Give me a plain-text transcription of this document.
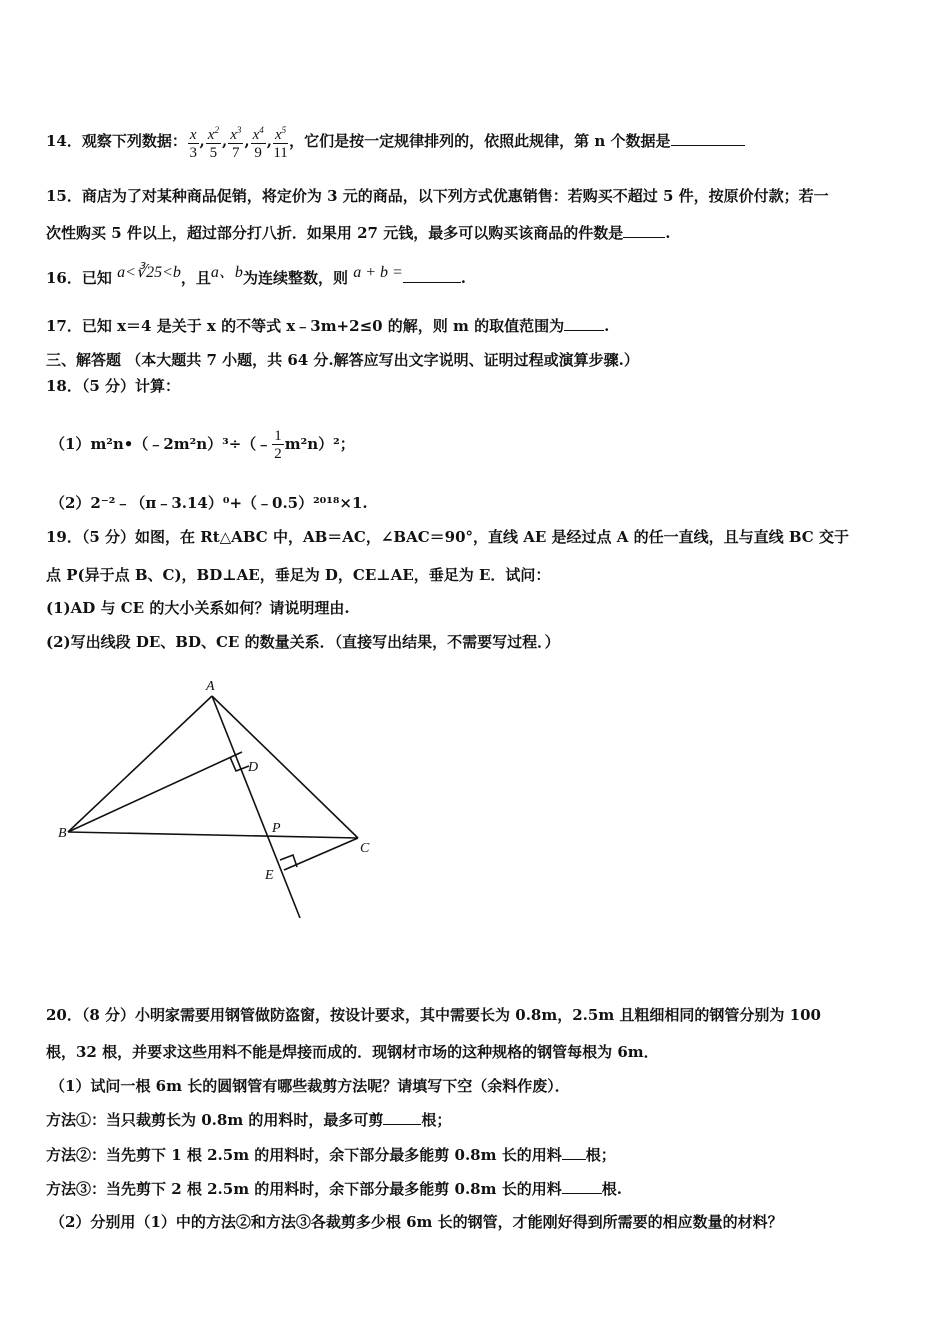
14．观察下列数据： $\frac{x}{3}$ , $\frac{x^2}{5}$ , $\frac{x^3}{7}$ , $\frac{x^4}{9}$ , $\frac{x^5}{11}$ ，它们是按一定规律排列的，依照此规律，第 n 个数据是
15．商店为了对某种商品促销，将定价为 3 元的商品，以下列方式优惠销售：若购买不超过 5 件，按原价付款；若一
次性购买 5 件以上，超过部分打八折．如果用 27 元钱，最多可以购买该商品的件数是	.
16．已知 a<∛25<b，且a、b为连续整数，则 a + b =	.
17．已知 x＝4 是关于 x 的不等式 x﹣3m+2≤0 的解，则 m 的取值范围为	.
三、解答题 （本大题共 7 小题，共 64 分.解答应写出文字说明、证明过程或演算步骤.）
18．（5 分）计算：
（1）m²n•（﹣2m²n）³÷（﹣ $\frac{1}{2} m^2n)^2$；
（2）2⁻²﹣（π﹣3.14）⁰+（﹣0.5）²⁰¹⁸×1.
19．（5 分）如图，在 Rt△ABC 中，AB＝AC，∠BAC＝90°，直线 AE 是经过点 A 的任一直线，且与直线 BC 交于
点 P(异于点 B、C)，BD⊥AE，垂足为 D，CE⊥AE，垂足为 E．试问：
(1)AD 与 CE 的大小关系如何？请说明理由.
(2)写出线段 DE、BD、CE 的数量关系．（直接写出结果，不需要写过程．）
A
B
C
D
E
P
20．（8 分）小明家需要用钢管做防盗窗，按设计要求，其中需要长为 0.8m，2.5m 且粗细相同的钢管分别为 100
根，32 根，并要求这些用料不能是焊接而成的．现钢材市场的这种规格的钢管每根为 6m．
（1）试问一根 6m 长的圆钢管有哪些裁剪方法呢？请填写下空（余料作废）．
方法①：当只裁剪长为 0.8m 的用料时，最多可剪	根；
方法②：当先剪下 1 根 2.5m 的用料时，余下部分最多能剪 0.8m 长的用料 根；
方法③：当先剪下 2 根 2.5m 的用料时，余下部分最多能剪 0.8m 长的用料	根.
（2）分别用（1）中的方法②和方法③各裁剪多少根 6m 长的钢管，才能刚好得到所需要的相应数量的材料？
